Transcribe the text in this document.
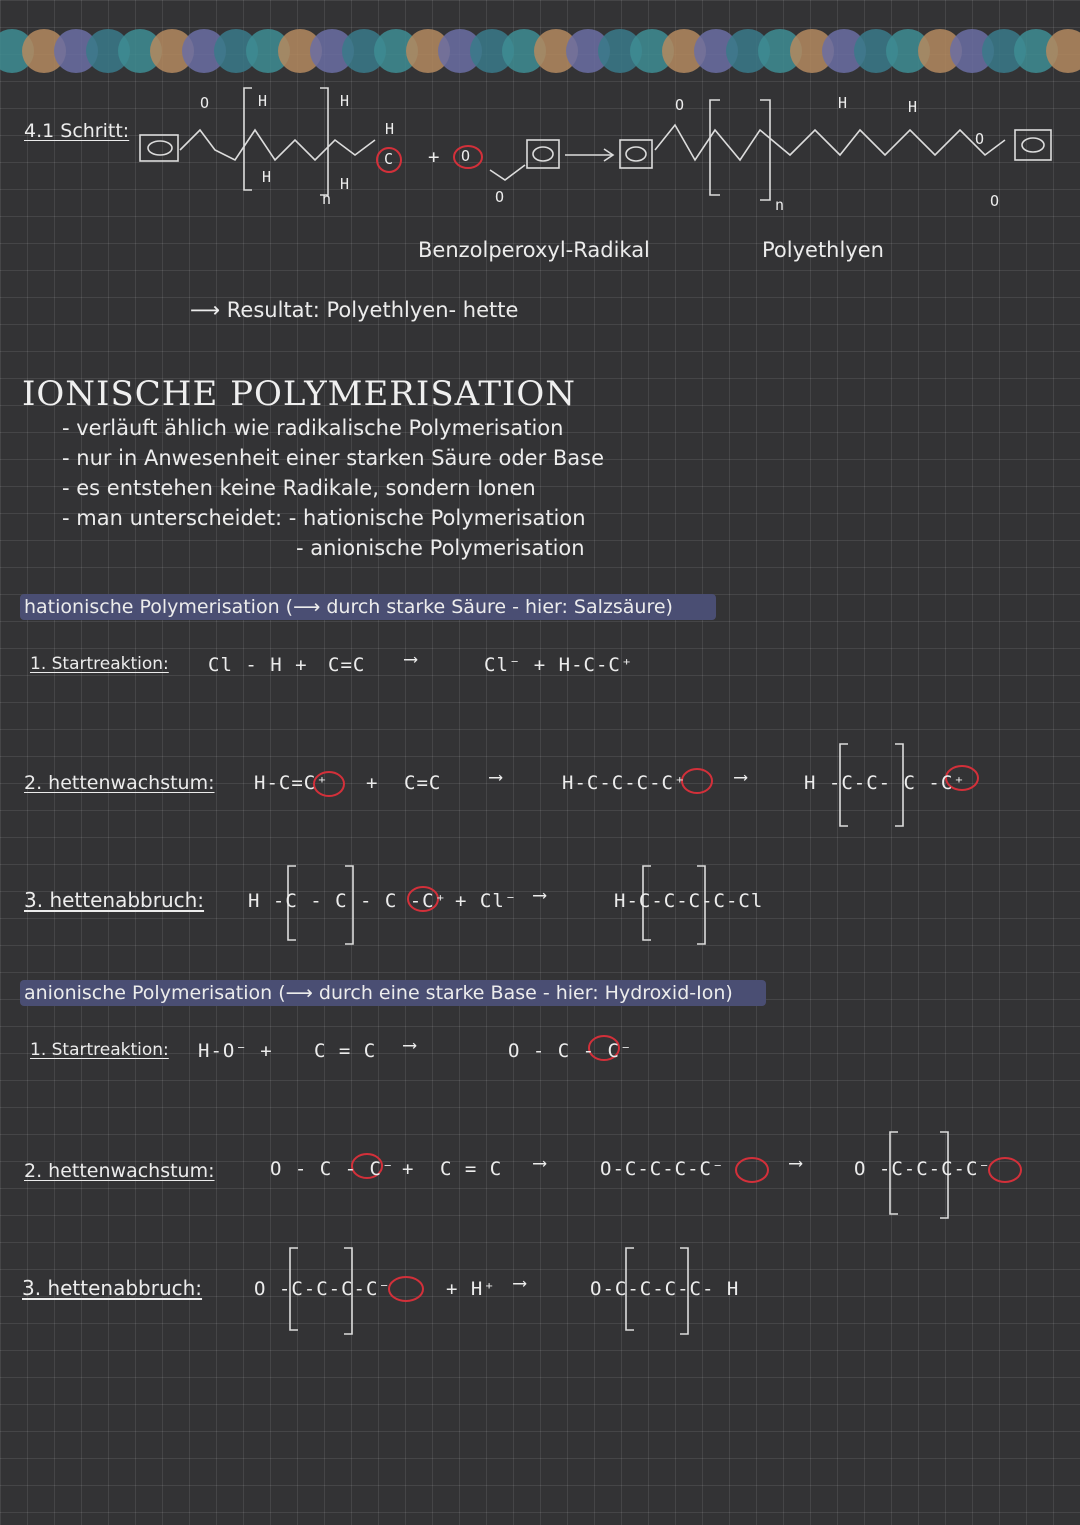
4.1 Schritt:
O	H
H
H
H
H
C
n
+ O
O
O
n
H	H
O
O
Benzolperoxyl-Radikal	Polyethlyen
⟶ Resultat: Polyethlyen- hette
IONISCHE POLYMERISATION
- verläuft ählich wie radikalische Polymerisation
- nur in Anwesenheit einer starken Säure oder Base
- es entstehen keine Radikale, sondern Ionen
- man unterscheidet: - hationische Polymerisation
- anionische Polymerisation
hationische Polymerisation (⟶ durch starke Säure - hier: Salzsäure)
1. Startreaktion: Cl - H + C=C ⟶	Cl⁻ + H-C-C⁺
2. hettenwachstum: H-C=C⁺ + C=C	⟶	H-C-C-C-C⁺	⟶	H -C-C- C -C⁺
3. hettenabbruch: H -C - C - C -C⁺ + Cl⁻ ⟶	H-C-C-C-C-Cl
anionische Polymerisation (⟶ durch eine starke Base - hier: Hydroxid-Ion)
1. Startreaktion: H-O⁻ + C = C ⟶	O - C - C⁻
2. hettenwachstum:	O - C - C⁻ + C = C ⟶	O-C-C-C-C⁻	⟶	O -C-C-C-C⁻
3. hettenabbruch:	O -C-C-C-C⁻	+ H⁺ ⟶	O-C-C-C-C- H
